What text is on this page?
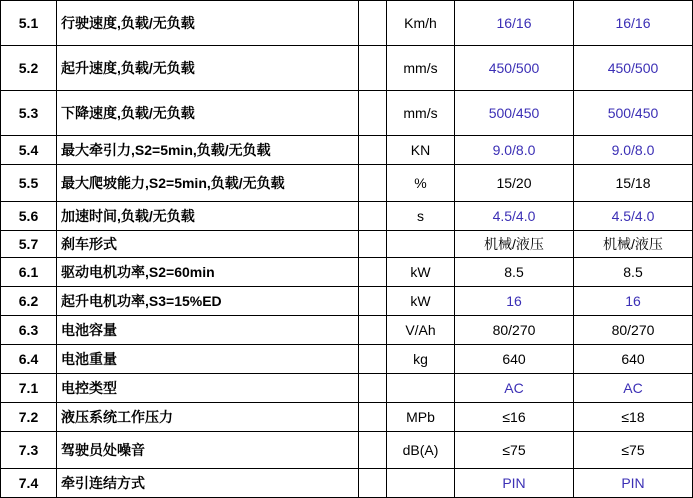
5.1	行驶速度,负载/无负载		Km/h	16/16	16/16
5.2	起升速度,负载/无负载		mm/s	450/500	450/500
5.3	下降速度,负载/无负载		mm/s	500/450	500/450
5.4	最大牵引力,S2=5min,负载/无负载		KN	9.0/8.0	9.0/8.0
5.5	最大爬坡能力,S2=5min,负载/无负载		%	15/20	15/18
5.6	加速时间,负载/无负载		s	4.5/4.0	4.5/4.0
5.7	刹车形式			机械/液压	机械/液压
6.1	驱动电机功率,S2=60min		kW	8.5	8.5
6.2	起升电机功率,S3=15%ED		kW	16	16
6.3	电池容量		V/Ah	80/270	80/270
6.4	电池重量		kg	640	640
7.1	电控类型			AC	AC
7.2	液压系统工作压力		MPb	≤16	≤18
7.3	驾驶员处噪音		dB(A)	≤75	≤75
7.4	牵引连结方式			PIN	PIN
